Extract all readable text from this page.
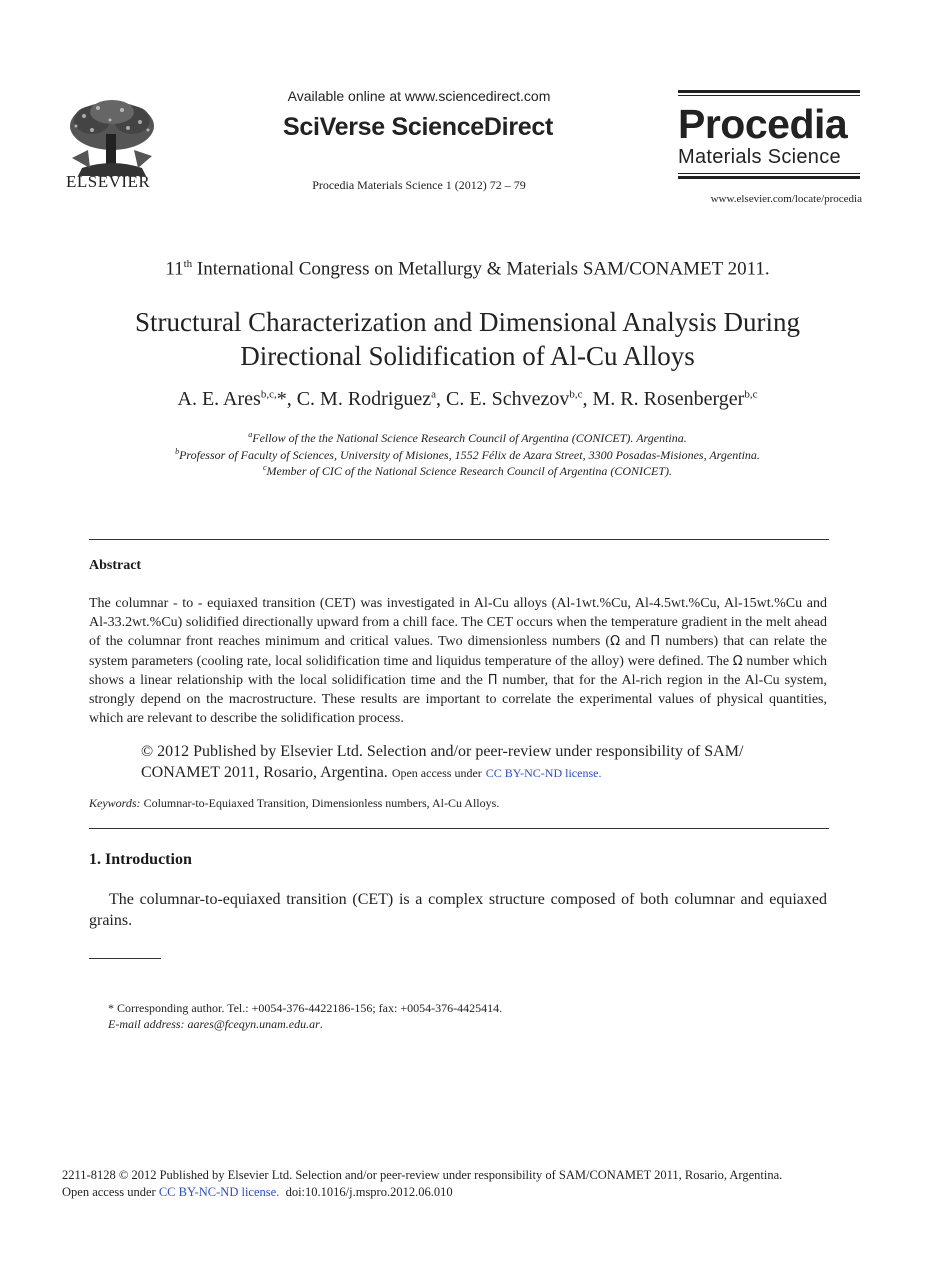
ELSEVIER
Available online at www.sciencedirect.com
SciVerse ScienceDirect
Procedia Materials Science 1 (2012) 72 – 79
Procedia
Materials Science
www.elsevier.com/locate/procedia
11th International Congress on Metallurgy & Materials SAM/CONAMET 2011.
Structural Characterization and Dimensional Analysis During
Directional Solidification of Al-Cu Alloys
A. E. Ares$^{b,c,}$*, C. M. Rodriguez$^a$, C. E. Schvezov$^{b,c}$, M. R. Rosenberger$^{b,c}$
$^a$Fellow of the the National Science Research Council of Argentina (CONICET). Argentina.
$^b$Professor of Faculty of Sciences, University of Misiones, 1552 Félix de Azara Street, 3300 Posadas-Misiones, Argentina.
$^c$Member of CIC of the National Science Research Council of Argentina (CONICET).
Abstract
The columnar - to - equiaxed transition (CET) was investigated in Al-Cu alloys (Al-1wt.%Cu, Al-4.5wt.%Cu, Al-15wt.%Cu and Al-33.2wt.%Cu) solidified directionally upward from a chill face. The CET occurs when the temperature gradient in the melt ahead of the columnar front reaches minimum and critical values. Two dimensionless numbers (Ω and Π numbers) that can relate the system parameters (cooling rate, local solidification time and liquidus temperature of the alloy) were defined. The Ω number which shows a linear relationship with the local solidification time and the Π number, that for the Al-rich region in the Al-Cu system, strongly depend on the macrostructure. These results are important to correlate the experimental values of physical quantities, which are relevant to describe the solidification process.
© 2012 Published by Elsevier Ltd. Selection and/or peer-review under responsibility of SAM/ CONAMET 2011, Rosario, Argentina. Open access under CC BY-NC-ND license.
Keywords: Columnar-to-Equiaxed Transition, Dimensionless numbers, Al-Cu Alloys.
1. Introduction
The columnar-to-equiaxed transition (CET) is a complex structure composed of both columnar and equiaxed grains.
* Corresponding author. Tel.: +0054-376-4422186-156; fax: +0054-376-4425414.
E-mail address: aares@fceqyn.unam.edu.ar.
2211-8128 © 2012 Published by Elsevier Ltd. Selection and/or peer-review under responsibility of SAM/CONAMET 2011, Rosario, Argentina.
Open access under CC BY-NC-ND license. doi:10.1016/j.mspro.2012.06.010
